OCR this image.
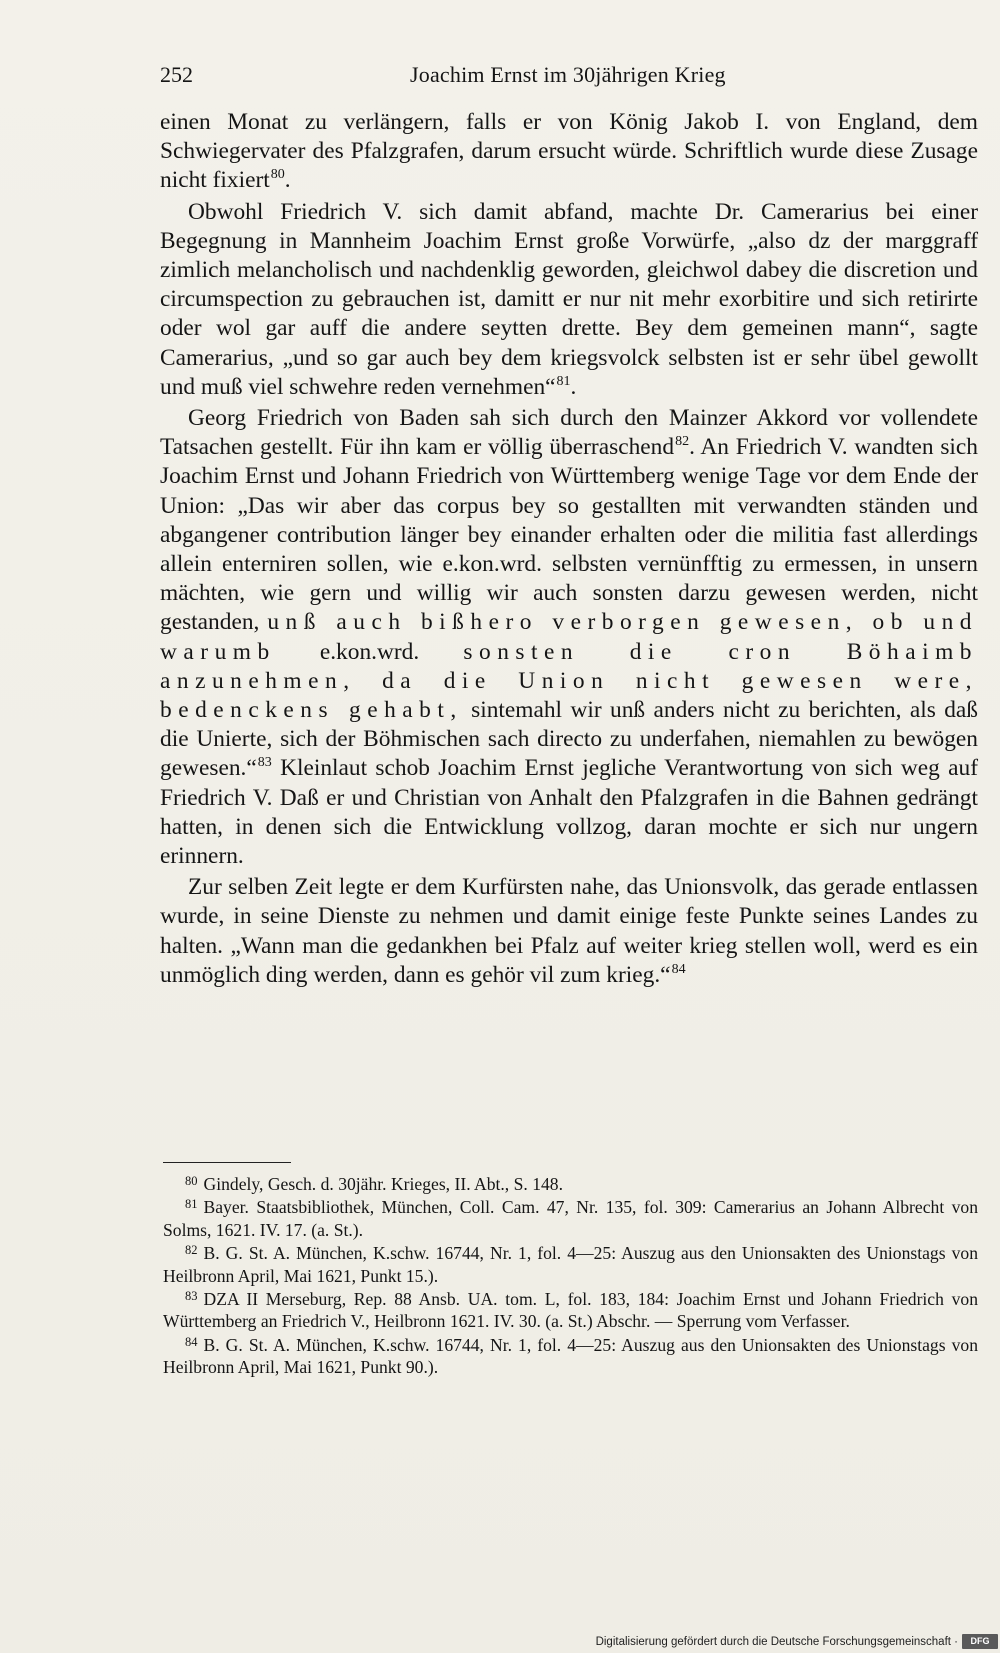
252	Joachim Ernst im 30jährigen Krieg

einen Monat zu verlängern, falls er von König Jakob I. von England, dem Schwiegervater des Pfalzgrafen, darum ersucht würde. Schriftlich wurde diese Zusage nicht fixiert$^{80}$.

Obwohl Friedrich V. sich damit abfand, machte Dr. Camerarius bei einer Begegnung in Mannheim Joachim Ernst große Vorwürfe, „also dz der marggraff zimlich melancholisch und nachdenklig geworden, gleichwol dabey die discretion und circumspection zu gebrauchen ist, damitt er nur nit mehr exorbitire und sich retirirte oder wol gar auff die andere seytten drette. Bey dem gemeinen mann“, sagte Camerarius, „und so gar auch bey dem kriegsvolck selbsten ist er sehr übel gewollt und muß viel schwehre reden vernehmen“$^{81}$.

Georg Friedrich von Baden sah sich durch den Mainzer Akkord vor vollendete Tatsachen gestellt. Für ihn kam er völlig überraschend$^{82}$. An Friedrich V. wandten sich Joachim Ernst und Johann Friedrich von Württemberg wenige Tage vor dem Ende der Union: „Das wir aber das corpus bey so gestallten mit verwandten ständen und abgangener contribution länger bey einander erhalten oder die militia fast allerdings allein enterniren sollen, wie e.kon.wrd. selbsten vernünfftig zu ermessen, in unsern mächten, wie gern und willig wir auch sonsten darzu gewesen werden, nicht gestanden, unß auch bißhero verborgen gewesen, ob und warumb e.kon.wrd. sonsten die cron Böhaimb anzunehmen, da die Union nicht gewesen were, bedenckens gehabt, sintemahl wir unß anders nicht zu berichten, als daß die Unierte, sich der Böhmischen sach directo zu underfahen, niemahlen zu bewögen gewesen.“$^{83}$ Kleinlaut schob Joachim Ernst jegliche Verantwortung von sich weg auf Friedrich V. Daß er und Christian von Anhalt den Pfalzgrafen in die Bahnen gedrängt hatten, in denen sich die Entwicklung vollzog, daran mochte er sich nur ungern erinnern.

Zur selben Zeit legte er dem Kurfürsten nahe, das Unionsvolk, das gerade entlassen wurde, in seine Dienste zu nehmen und damit einige feste Punkte seines Landes zu halten. „Wann man die gedankhen bei Pfalz auf weiter krieg stellen woll, werd es ein unmöglich ding werden, dann es gehör vil zum krieg.“$^{84}$

$^{80}$ Gindely, Gesch. d. 30jähr. Krieges, II. Abt., S. 148.

$^{81}$ Bayer. Staatsbibliothek, München, Coll. Cam. 47, Nr. 135, fol. 309: Camerarius an Johann Albrecht von Solms, 1621. IV. 17. (a. St.).

$^{82}$ B. G. St. A. München, K.schw. 16744, Nr. 1, fol. 4—25: Auszug aus den Unionsakten des Unionstags von Heilbronn April, Mai 1621, Punkt 15.).

$^{83}$ DZA II Merseburg, Rep. 88 Ansb. UA. tom. L, fol. 183, 184: Joachim Ernst und Johann Friedrich von Württemberg an Friedrich V., Heilbronn 1621. IV. 30. (a. St.) Abschr. — Sperrung vom Verfasser.

$^{84}$ B. G. St. A. München, K.schw. 16744, Nr. 1, fol. 4—25: Auszug aus den Unionsakten des Unionstags von Heilbronn April, Mai 1621, Punkt 90.).

Digitalisierung gefördert durch die Deutsche Forschungsgemeinschaft ·	DFG
